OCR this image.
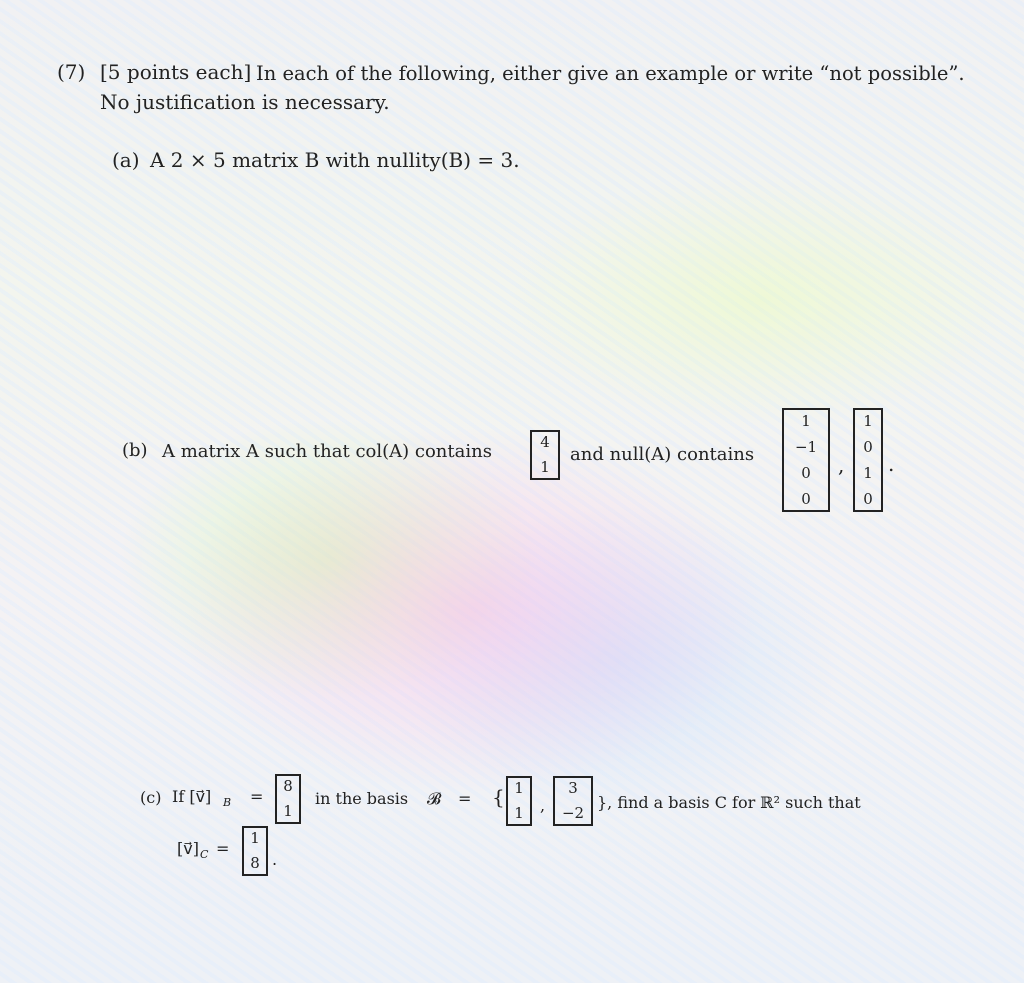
(7) [5 points each] In each of the following, either give an example or write “not possible”.
No justification is necessary.
(a) A 2 × 5 matrix B with nullity(B) = 3.
(b) A matrix A such that col(A) contains	4
1
and null(A) contains
1
−1
0
0
,
1
0
1
0
.
(c) If [v⃗] B =
8
1
in the basis 𝓑 = { 1
1 ,
3
−2
}, find a basis C for ℝ² such that
[v⃗] C =
1
8 .
